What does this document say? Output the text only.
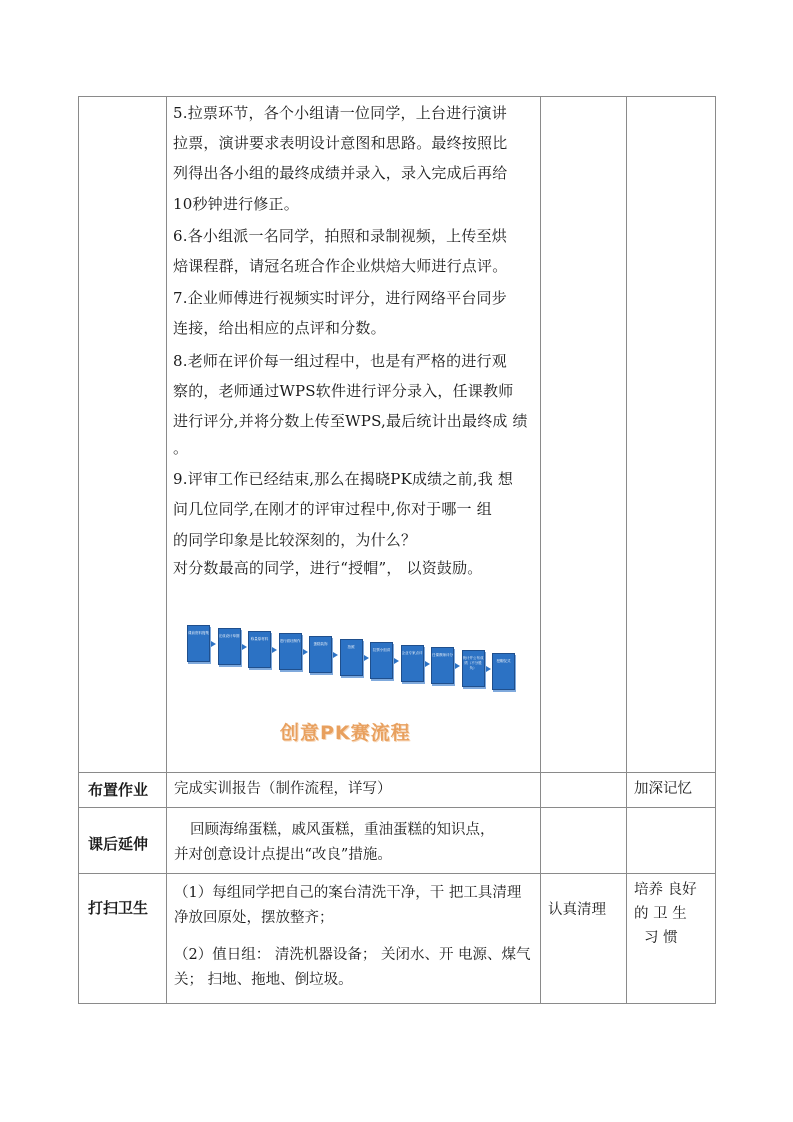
5.拉票环节，各个小组请一位同学，上台进行演讲

拉票，演讲要求表明设计意图和思路。最终按照比

列得出各小组的最终成绩并录入，录入完成后再给

10秒钟进行修正。

6.各小组派一名同学，拍照和录制视频，上传至烘

焙课程群，请冠名班合作企业烘焙大师进行点评。

7.企业师傅进行视频实时评分，进行网络平台同步

连接，给出相应的点评和分数。

8.老师在评价每一组过程中，也是有严格的进行观

察的，老师通过WPS软件进行评分录入，任课教师

进行评分,并将分数上传至WPS,最后统计出最终成 绩

。

9.评审工作已经结束,那么在揭晓PK成绩之前,我 想

问几位同学,在刚才的评审过程中,你对于哪一 组

的同学印象是比较深刻的，为什么？

对分数最高的同学，进行“授帽”， 以资鼓励。

课前资料搜集
完成设计草图
称量原材料
进行面坯制作
蛋糕装饰
拍照
拉票小组讲
企业专家点评
任课教师评分
统计并公布成绩（不分胜负）
授帽仪式
创意PK赛流程
布置作业 完成实训报告（制作流程，详写）	加深记忆
课后延伸
回顾海绵蛋糕，戚风蛋糕，重油蛋糕的知识点，
并对创意设计点提出“改良”措施。
打扫卫生
（1）每组同学把自己的案台清洗干净，干 把工具清理
净放回原处，摆放整齐；
（2）值日组： 清洗机器设备； 关闭水、开 电源、煤气
关； 扫地、拖地、倒垃圾。
认真清理
培养 良好
的 卫 生
习 惯
